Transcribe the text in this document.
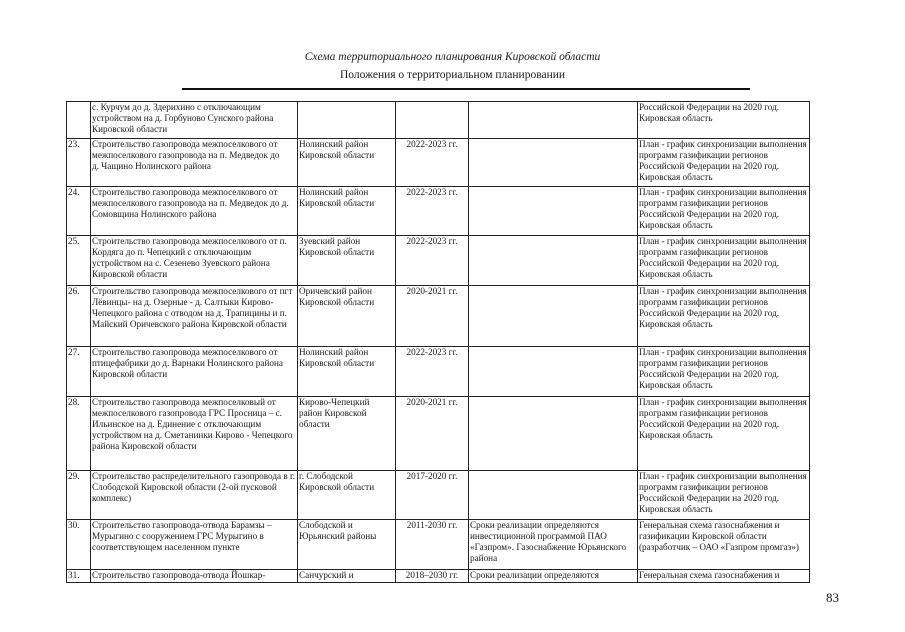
Схема территориального планирования Кировской области
Положения о территориальном планировании
	с. Курчум до д. Здерихино с отключающим устройством на д. Горбуново Сунского района Кировской области				Российской Федерации на 2020 год.
Кировская область
23.	Строительство газопровода межпоселкового от межпоселкового газопровода на п. Медведок до
д. Чащино Нолинского района	Нолинский район Кировской области	2022-2023 гг.		План - график синхронизации выполнения программ газификации регионов Российской Федерации на 2020 год.
Кировская область
24.	Строительство газопровода межпоселкового от межпоселкового газопровода на п. Медведок до д. Сомовщина Нолинского района	Нолинский район Кировской области	2022-2023 гг.		План - график синхронизации выполнения программ газификации регионов Российской Федерации на 2020 год.
Кировская область
25.	Строительство газопровода межпоселкового от п. Кордяга до п. Чепецкий с отключающим устройством на с. Сезенево Зуевского района Кировской области	Зуевский район Кировской области	2022-2023 гг.		План - график синхронизации выполнения программ газификации регионов Российской Федерации на 2020 год.
Кировская область
26.	Строительство газопровода межпоселкового от пгт Лёвинцы- на д. Озерные - д. Салтыки Кирово-Чепецкого района с отводом на д. Трапицины и п. Майский Оричевского района Кировской области	Оричевский район Кировской области	2020-2021 гг.		План - график синхронизации выполнения программ газификации регионов Российской Федерации на 2020 год.
Кировская область
27.	Строительство газопровода межпоселкового от птицефабрики до д. Варнаки Нолинского района Кировской области	Нолинский район Кировской области	2022-2023 гг.		План - график синхронизации выполнения программ газификации регионов Российской Федерации на 2020 год.
Кировская область
28.	Строительство газопровода межпоселковый от межпоселкового газопровода ГРС Просница – с. Ильинское на д. Единение с отключающим устройством на д. Сметанинки Кирово - Чепецкого района Кировской области	Кирово-Чепецкий район Кировской области	2020-2021 гг.		План - график синхронизации выполнения программ газификации регионов Российской Федерации на 2020 год.
Кировская область
29.	Строительство распределительного газопровода в г. Слободской Кировской области (2-ой пусковой комплекс)	г. Слободской Кировской области	2017-2020 гг.		План - график синхронизации выполнения программ газификации регионов Российской Федерации на 2020 год.
Кировская область
30.	Строительство газопровода-отвода Барамзы – Мурыгино с сооружением ГРС Мурыгино в соответствующем населенном пункте	Слободской и Юрьянский районы	2011-2030 гг.	Сроки реализации определяются инвестиционной программой ПАО «Газпром». Газоснабжение Юрьянского района	Генеральная схема газоснабжения и газификации Кировской области (разработчик – ОАО «Газпром промгаз»)
31.	Строительство газопровода-отвода Йошкар-	Санчурский и	2018–2030 гг.	Сроки реализации определяются	Генеральная схема газоснабжения и
83
